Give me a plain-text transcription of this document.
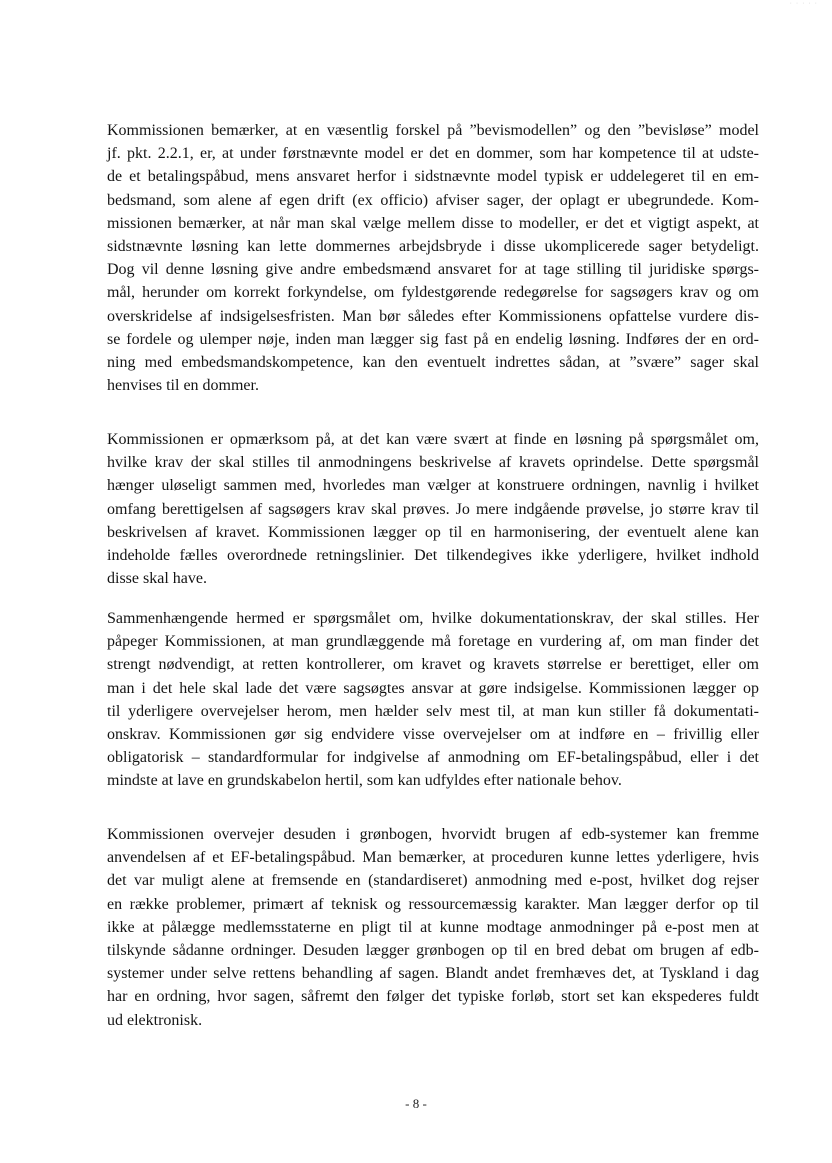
· · · · ·
Kommissionen bemærker, at en væsentlig forskel på ”bevismodellen” og den ”bevisløse” model
jf. pkt. 2.2.1, er, at under førstnævnte model er det en dommer, som har kompetence til at udste-
de et betalingspåbud, mens ansvaret herfor i sidstnævnte model typisk er uddelegeret til en em-
bedsmand, som alene af egen drift (ex officio) afviser sager, der oplagt er ubegrundede. Kom-
missionen bemærker, at når man skal vælge mellem disse to modeller, er det et vigtigt aspekt, at
sidstnævnte løsning kan lette dommernes arbejdsbryde i disse ukomplicerede sager betydeligt.
Dog vil denne løsning give andre embedsmænd ansvaret for at tage stilling til juridiske spørgs-
mål, herunder om korrekt forkyndelse, om fyldestgørende redegørelse for sagsøgers krav og om
overskridelse af indsigelsesfristen. Man bør således efter Kommissionens opfattelse vurdere dis-
se fordele og ulemper nøje, inden man lægger sig fast på en endelig løsning. Indføres der en ord-
ning med embedsmandskompetence, kan den eventuelt indrettes sådan, at ”svære” sager skal
henvises til en dommer.
Kommissionen er opmærksom på, at det kan være svært at finde en løsning på spørgsmålet om,
hvilke krav der skal stilles til anmodningens beskrivelse af kravets oprindelse. Dette spørgsmål
hænger uløseligt sammen med, hvorledes man vælger at konstruere ordningen, navnlig i hvilket
omfang berettigelsen af sagsøgers krav skal prøves. Jo mere indgående prøvelse, jo større krav til
beskrivelsen af kravet. Kommissionen lægger op til en harmonisering, der eventuelt alene kan
indeholde fælles overordnede retningslinier. Det tilkendegives ikke yderligere, hvilket indhold
disse skal have.
Sammenhængende hermed er spørgsmålet om, hvilke dokumentationskrav, der skal stilles. Her
påpeger Kommissionen, at man grundlæggende må foretage en vurdering af, om man finder det
strengt nødvendigt, at retten kontrollerer, om kravet og kravets størrelse er berettiget, eller om
man i det hele skal lade det være sagsøgtes ansvar at gøre indsigelse. Kommissionen lægger op
til yderligere overvejelser herom, men hælder selv mest til, at man kun stiller få dokumentati-
onskrav. Kommissionen gør sig endvidere visse overvejelser om at indføre en – frivillig eller
obligatorisk – standardformular for indgivelse af anmodning om EF-betalingspåbud, eller i det
mindste at lave en grundskabelon hertil, som kan udfyldes efter nationale behov.
Kommissionen overvejer desuden i grønbogen, hvorvidt brugen af edb-systemer kan fremme
anvendelsen af et EF-betalingspåbud. Man bemærker, at proceduren kunne lettes yderligere, hvis
det var muligt alene at fremsende en (standardiseret) anmodning med e-post, hvilket dog rejser
en række problemer, primært af teknisk og ressourcemæssig karakter. Man lægger derfor op til
ikke at pålægge medlemsstaterne en pligt til at kunne modtage anmodninger på e-post men at
tilskynde sådanne ordninger. Desuden lægger grønbogen op til en bred debat om brugen af edb-
systemer under selve rettens behandling af sagen. Blandt andet fremhæves det, at Tyskland i dag
har en ordning, hvor sagen, såfremt den følger det typiske forløb, stort set kan ekspederes fuldt
ud elektronisk.
- 8 -
